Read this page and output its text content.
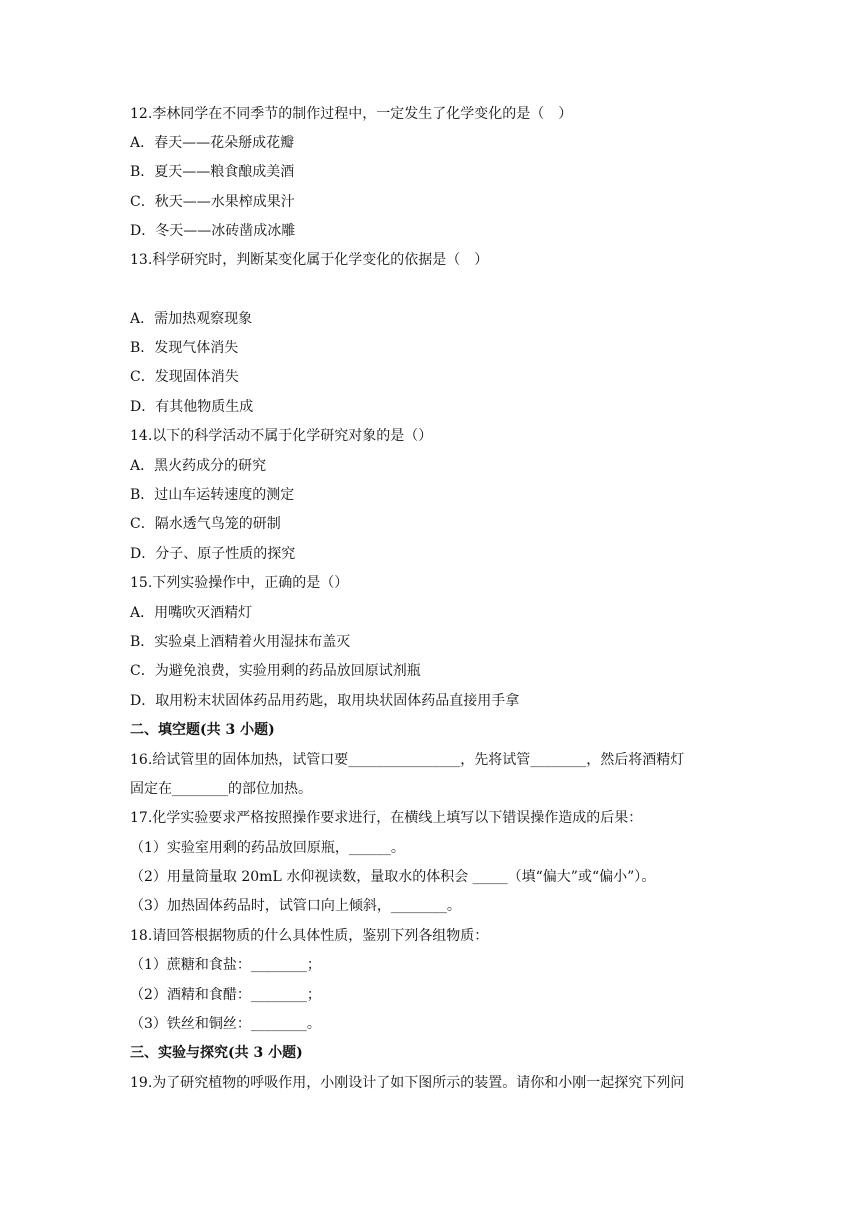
12.李林同学在不同季节的制作过程中，一定发生了化学变化的是（　）
A．春天——花朵掰成花瓣
B．夏天——粮食酿成美酒
C．秋天——水果榨成果汁
D．冬天——冰砖凿成冰雕
13.科学研究时，判断某变化属于化学变化的依据是（　）
A．需加热观察现象
B．发现气体消失
C．发现固体消失
D．有其他物质生成
14.以下的科学活动不属于化学研究对象的是（）
A．黑火药成分的研究
B．过山车运转速度的测定
C．隔水透气鸟笼的研制
D．分子、原子性质的探究
15.下列实验操作中，正确的是（）
A．用嘴吹灭酒精灯
B．实验桌上酒精着火用湿抹布盖灭
C．为避免浪费，实验用剩的药品放回原试剂瓶
D．取用粉末状固体药品用药匙，取用块状固体药品直接用手拿
二、填空题(共 3 小题)
16.给试管里的固体加热，试管口要________________，先将试管________，然后将酒精灯
固定在________的部位加热。
17.化学实验要求严格按照操作要求进行，在横线上填写以下错误操作造成的后果：
（1）实验室用剩的药品放回原瓶，______。
（2）用量筒量取 20mL 水仰视读数，量取水的体积会 _____（填“偏大”或“偏小”）。
（3）加热固体药品时，试管口向上倾斜，________。
18.请回答根据物质的什么具体性质，鉴别下列各组物质：
（1）蔗糖和食盐：________；
（2）酒精和食醋：________；
（3）铁丝和铜丝：________。
三、实验与探究(共 3 小题)
19.为了研究植物的呼吸作用，小刚设计了如下图所示的装置。请你和小刚一起探究下列问
